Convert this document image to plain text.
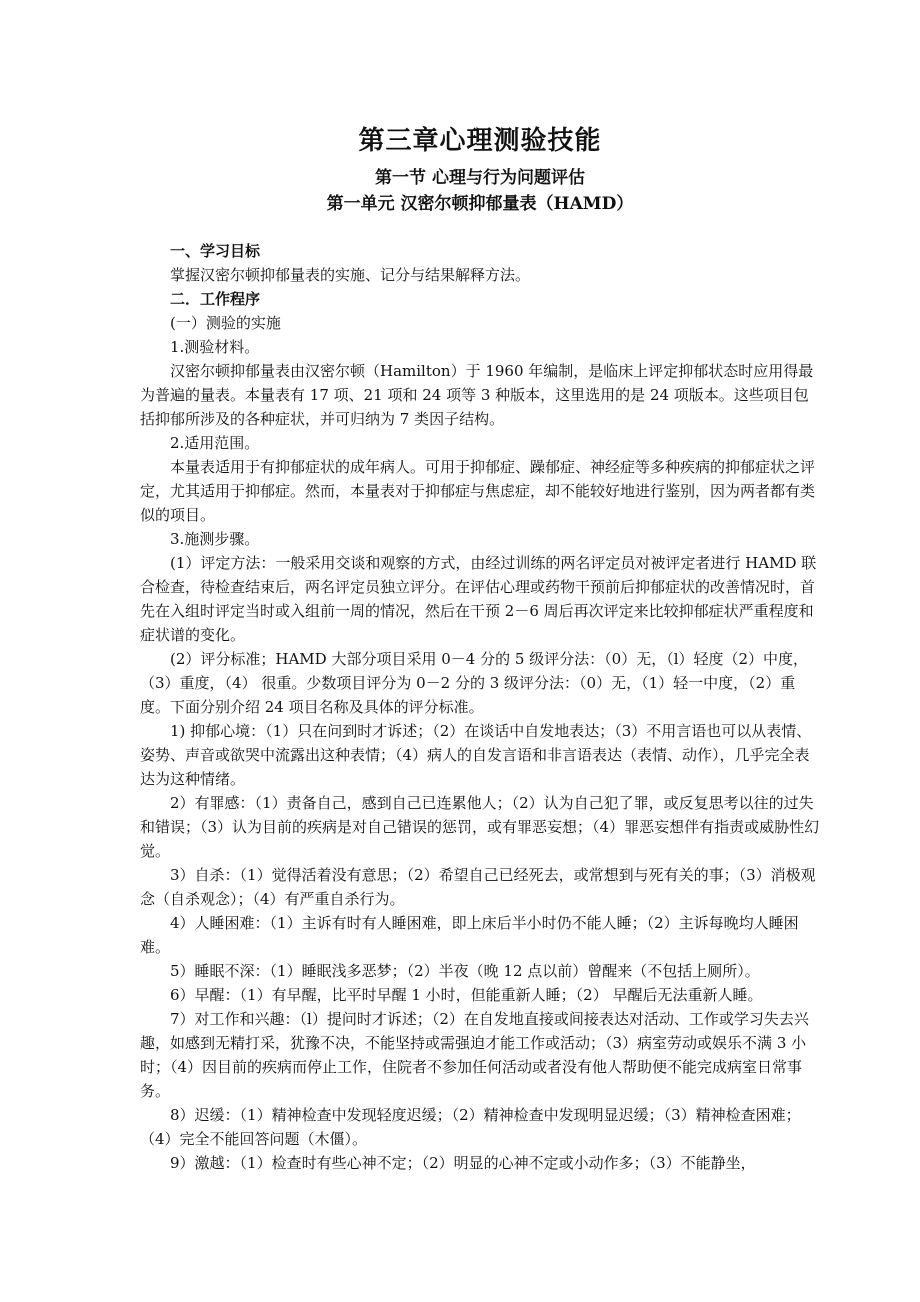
第三章心理测验技能
第一节 心理与行为问题评估
第一单元 汉密尔顿抑郁量表（HAMD）

一、学习目标

掌握汉密尔顿抑郁量表的实施、记分与结果解释方法。

二．工作程序

(一）测验的实施

1.测验材料。

汉密尔顿抑郁量表由汉密尔顿（Hamilton）于 1960 年编制，是临床上评定抑郁状态时应用得最为普遍的量表。本量表有 17 项、21 项和 24 项等 3 种版本，这里选用的是 24 项版本。这些项目包括抑郁所涉及的各种症状，并可归纳为 7 类因子结构。

2.适用范围。

本量表适用于有抑郁症状的成年病人。可用于抑郁症、躁郁症、神经症等多种疾病的抑郁症状之评定，尤其适用于抑郁症。然而，本量表对于抑郁症与焦虑症，却不能较好地进行鉴别，因为两者都有类似的项目。

3.施测步骤。

(1）评定方法：一般采用交谈和观察的方式，由经过训练的两名评定员对被评定者进行 HAMD 联合检查，待检查结束后，两名评定员独立评分。在评估心理或药物干预前后抑郁症状的改善情况时，首先在入组时评定当时或入组前一周的情况，然后在干预 2－6 周后再次评定来比较抑郁症状严重程度和症状谱的变化。

(2）评分标准；HAMD 大部分项目采用 0－4 分的 5 级评分法：（0）无，（l）轻度（2）中度，（3）重度，（4） 很重。少数项目评分为 0－2 分的 3 级评分法：（0）无，（1）轻一中度，（2）重度。下面分别介绍 24 项目名称及具体的评分标准。

1) 抑郁心境：（1）只在问到时才诉述；（2）在谈话中自发地表达；（3）不用言语也可以从表情、姿势、声音或欲哭中流露出这种表情；（4）病人的自发言语和非言语表达（表情、动作），几乎完全表达为这种情绪。

2）有罪感：（1）责备自己，感到自己已连累他人；（2）认为自己犯了罪，或反复思考以往的过失和错误；（3）认为目前的疾病是对自己错误的惩罚，或有罪恶妄想；（4）罪恶妄想伴有指责或威胁性幻觉。

3）自杀：（1）觉得活着没有意思；（2）希望自己已经死去，或常想到与死有关的事；（3）消极观念（自杀观念）；（4）有严重自杀行为。

4）人睡困难：（1）主诉有时有人睡困难，即上床后半小时仍不能人睡；（2）主诉每晚均人睡困难。

5）睡眠不深：（1）睡眠浅多恶梦；（2）半夜（晚 12 点以前）曾醒来（不包括上厕所）。

6）早醒：（1）有早醒，比平时早醒 1 小时，但能重新人睡；（2） 早醒后无法重新人睡。

7）对工作和兴趣：（l）提问时才诉述；（2）在自发地直接或间接表达对活动、工作或学习失去兴趣，如感到无精打采，犹豫不决，不能坚持或需强迫才能工作或活动；（3）病室劳动或娱乐不满 3 小时；（4）因目前的疾病而停止工作，住院者不参加任何活动或者没有他人帮助便不能完成病室日常事务。

8）迟缓：（1）精神检查中发现轻度迟缓；（2）精神检查中发现明显迟缓；（3）精神检查困难；（4）完全不能回答问题（木僵）。

9）激越：（1）检查时有些心神不定；（2）明显的心神不定或小动作多；（3）不能静坐，
